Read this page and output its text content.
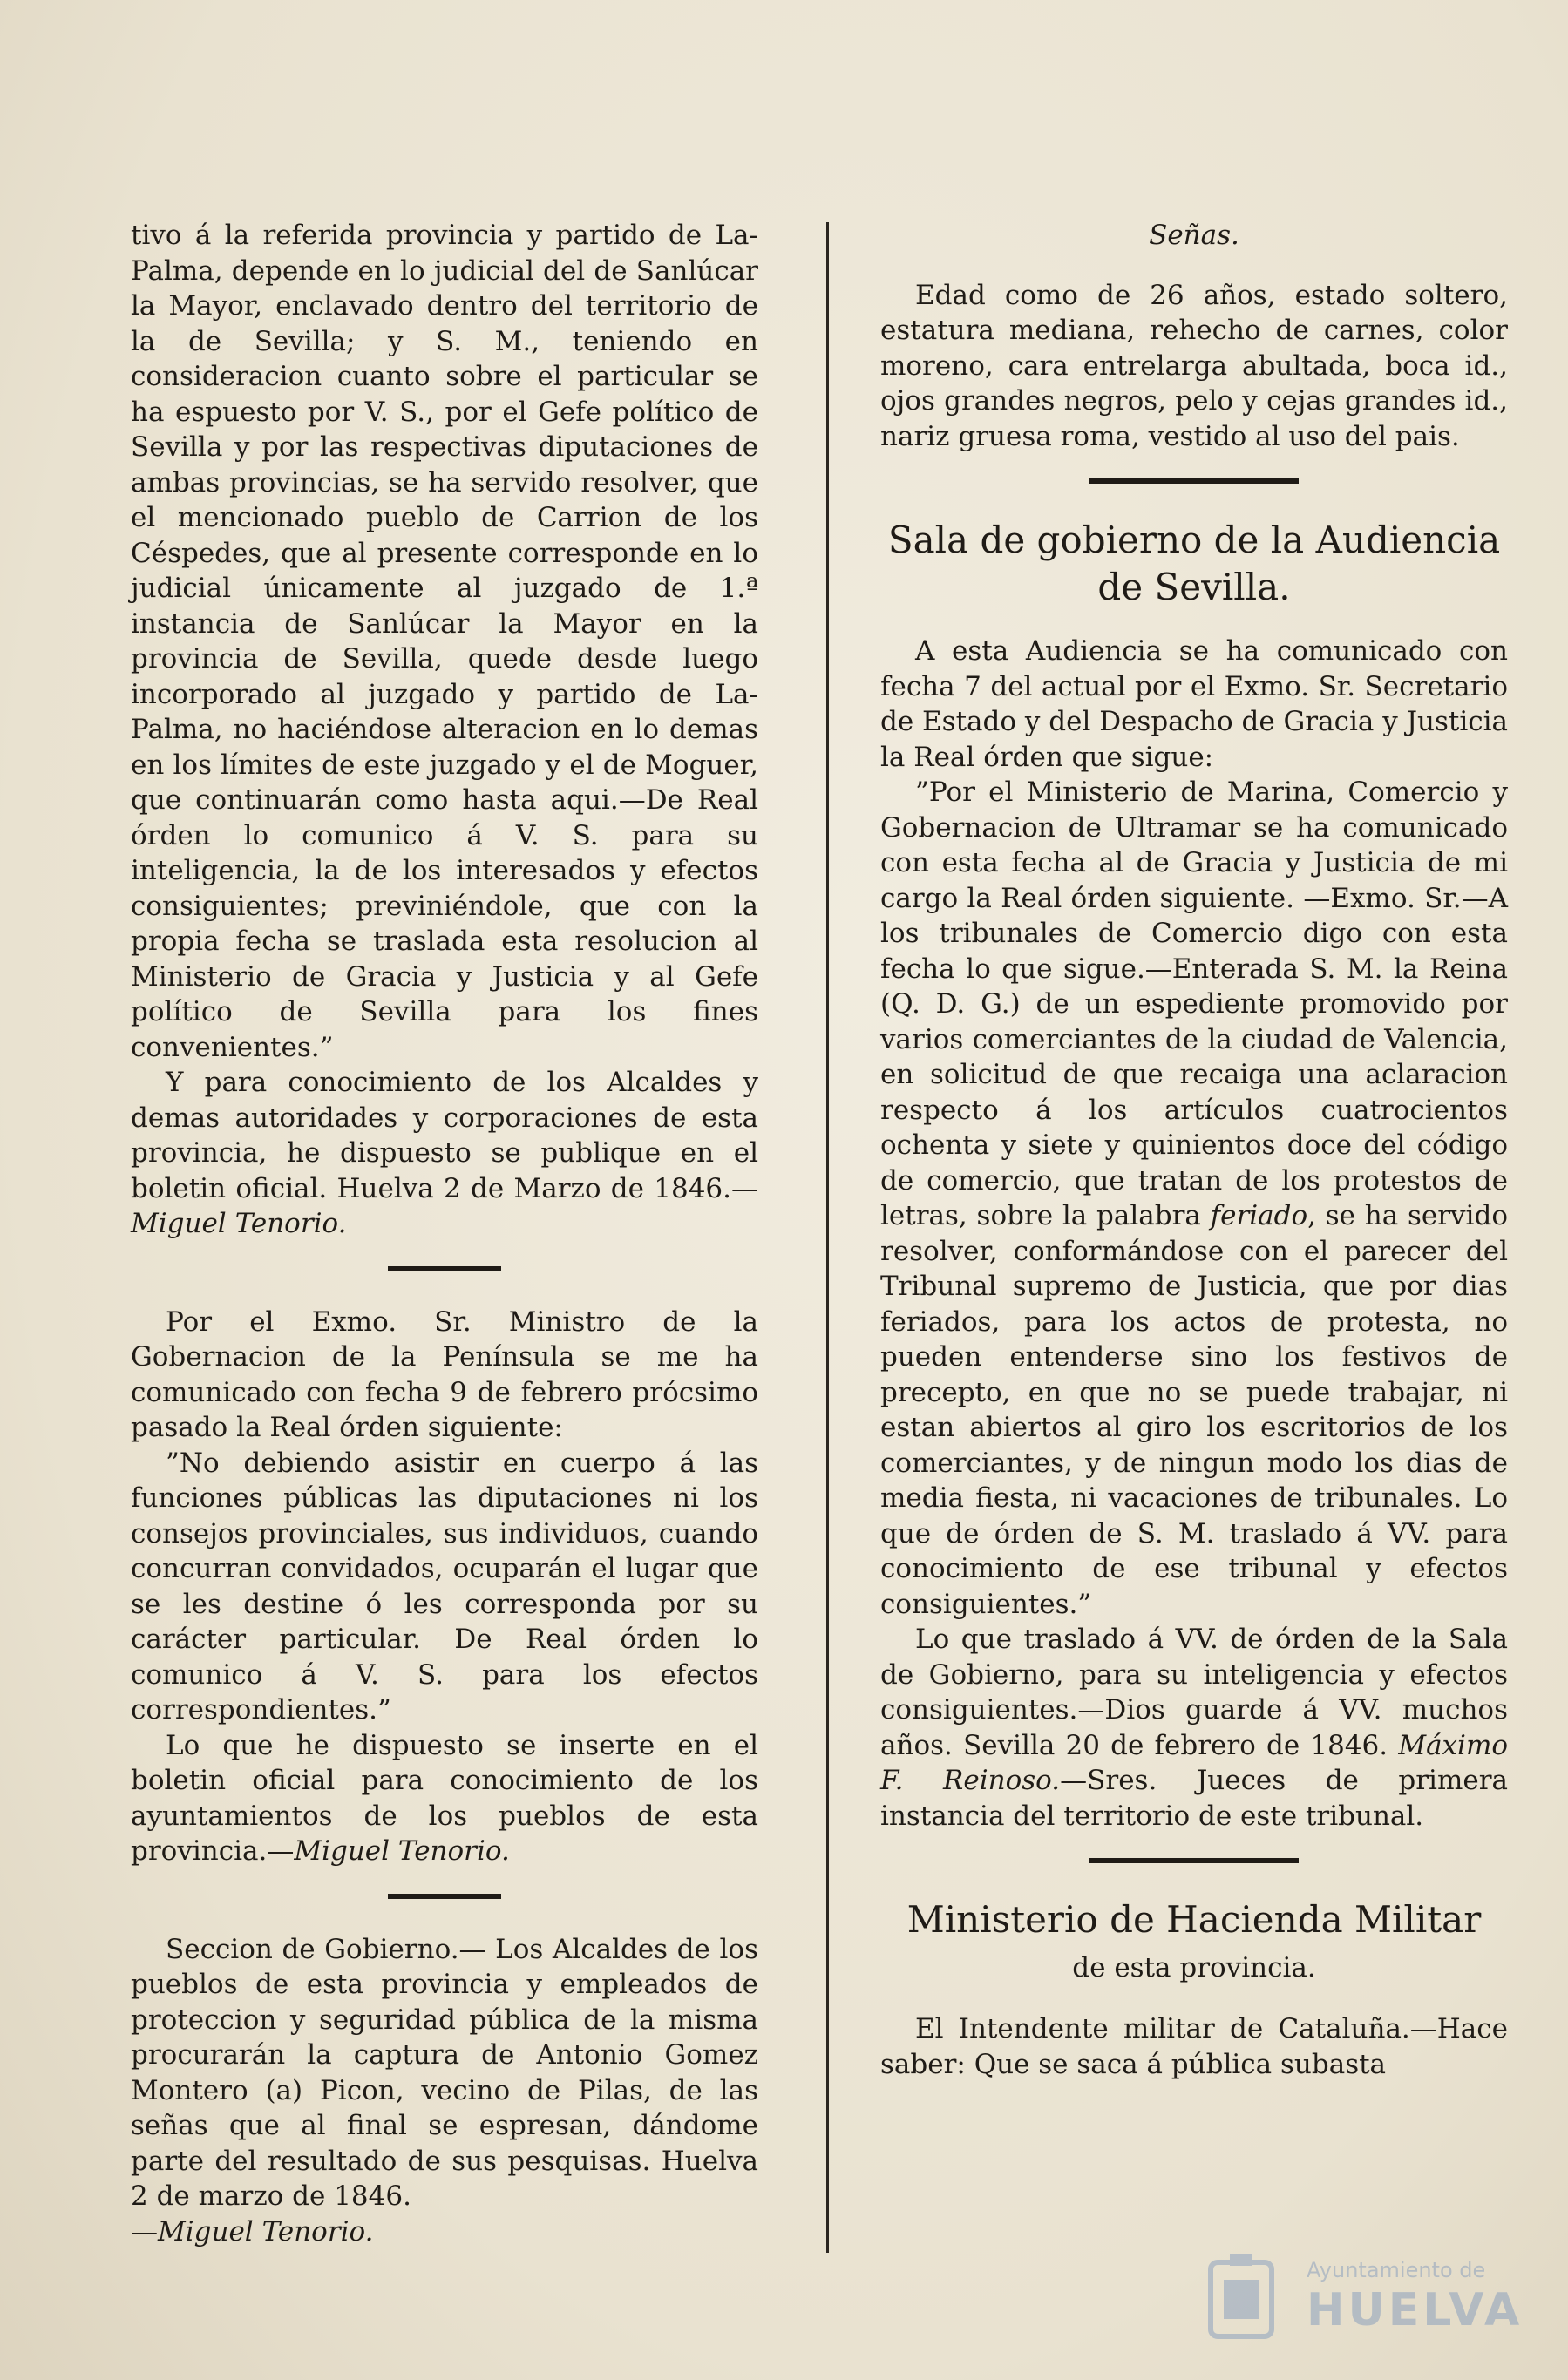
tivo á la referida provincia y partido de La-Palma, depende en lo judicial del de Sanlúcar la Mayor, enclavado dentro del territorio de la de Sevilla; y S. M., teniendo en consideracion cuanto sobre el particular se ha espuesto por V. S., por el Gefe político de Sevilla y por las respectivas diputaciones de ambas provincias, se ha servido resolver, que el mencionado pueblo de Carrion de los Céspedes, que al presente corresponde en lo judicial únicamente al juzgado de 1.ª instancia de Sanlúcar la Mayor en la provincia de Sevilla, quede desde luego incorporado al juzgado y partido de La-Palma, no haciéndose alteracion en lo demas en los límites de este juzgado y el de Moguer, que continuarán como hasta aqui.—De Real órden lo comunico á V. S. para su inteligencia, la de los interesados y efectos consiguientes; previniéndole, que con la propia fecha se traslada esta resolucion al Ministerio de Gracia y Justicia y al Gefe político de Sevilla para los fines convenientes.”

Y para conocimiento de los Alcaldes y demas autoridades y corporaciones de esta provincia, he dispuesto se publique en el boletin oficial. Huelva 2 de Marzo de 1846.—Miguel Tenorio.

Por el Exmo. Sr. Ministro de la Gobernacion de la Península se me ha comunicado con fecha 9 de febrero prócsimo pasado la Real órden siguiente:

”No debiendo asistir en cuerpo á las funciones públicas las diputaciones ni los consejos provinciales, sus individuos, cuando concurran convidados, ocuparán el lugar que se les destine ó les corresponda por su carácter particular. De Real órden lo comunico á V. S. para los efectos correspondientes.”

Lo que he dispuesto se inserte en el boletin oficial para conocimiento de los ayuntamientos de los pueblos de esta provincia.—Miguel Tenorio.

Seccion de Gobierno.— Los Alcaldes de los pueblos de esta provincia y empleados de proteccion y seguridad pública de la misma procurarán la captura de Antonio Gomez Montero (a) Picon, vecino de Pilas, de las señas que al final se espresan, dándome parte del resultado de sus pesquisas. Huelva 2 de marzo de 1846.

—Miguel Tenorio.

Señas.

Edad como de 26 años, estado soltero, estatura mediana, rehecho de carnes, color moreno, cara entrelarga abultada, boca id., ojos grandes negros, pelo y cejas grandes id., nariz gruesa roma, vestido al uso del pais.

Sala de gobierno de la Audiencia de Sevilla.

A esta Audiencia se ha comunicado con fecha 7 del actual por el Exmo. Sr. Secretario de Estado y del Despacho de Gracia y Justicia la Real órden que sigue:

”Por el Ministerio de Marina, Comercio y Gobernacion de Ultramar se ha comunicado con esta fecha al de Gracia y Justicia de mi cargo la Real órden siguiente. —Exmo. Sr.—A los tribunales de Comercio digo con esta fecha lo que sigue.—Enterada S. M. la Reina (Q. D. G.) de un espediente promovido por varios comerciantes de la ciudad de Valencia, en solicitud de que recaiga una aclaracion respecto á los artículos cuatrocientos ochenta y siete y quinientos doce del código de comercio, que tratan de los protestos de letras, sobre la palabra feriado, se ha servido resolver, conformándose con el parecer del Tribunal supremo de Justicia, que por dias feriados, para los actos de protesta, no pueden entenderse sino los festivos de precepto, en que no se puede trabajar, ni estan abiertos al giro los escritorios de los comerciantes, y de ningun modo los dias de media fiesta, ni vacaciones de tribunales. Lo que de órden de S. M. traslado á VV. para conocimiento de ese tribunal y efectos consiguientes.”

Lo que traslado á VV. de órden de la Sala de Gobierno, para su inteligencia y efectos consiguientes.—Dios guarde á VV. muchos años. Sevilla 20 de febrero de 1846. Máximo F. Reinoso.—Sres. Jueces de primera instancia del territorio de este tribunal.

Ministerio de Hacienda Militar

de esta provincia.

El Intendente militar de Cataluña.—Hace saber: Que se saca á pública subasta

Ayuntamiento de
HUELVA
